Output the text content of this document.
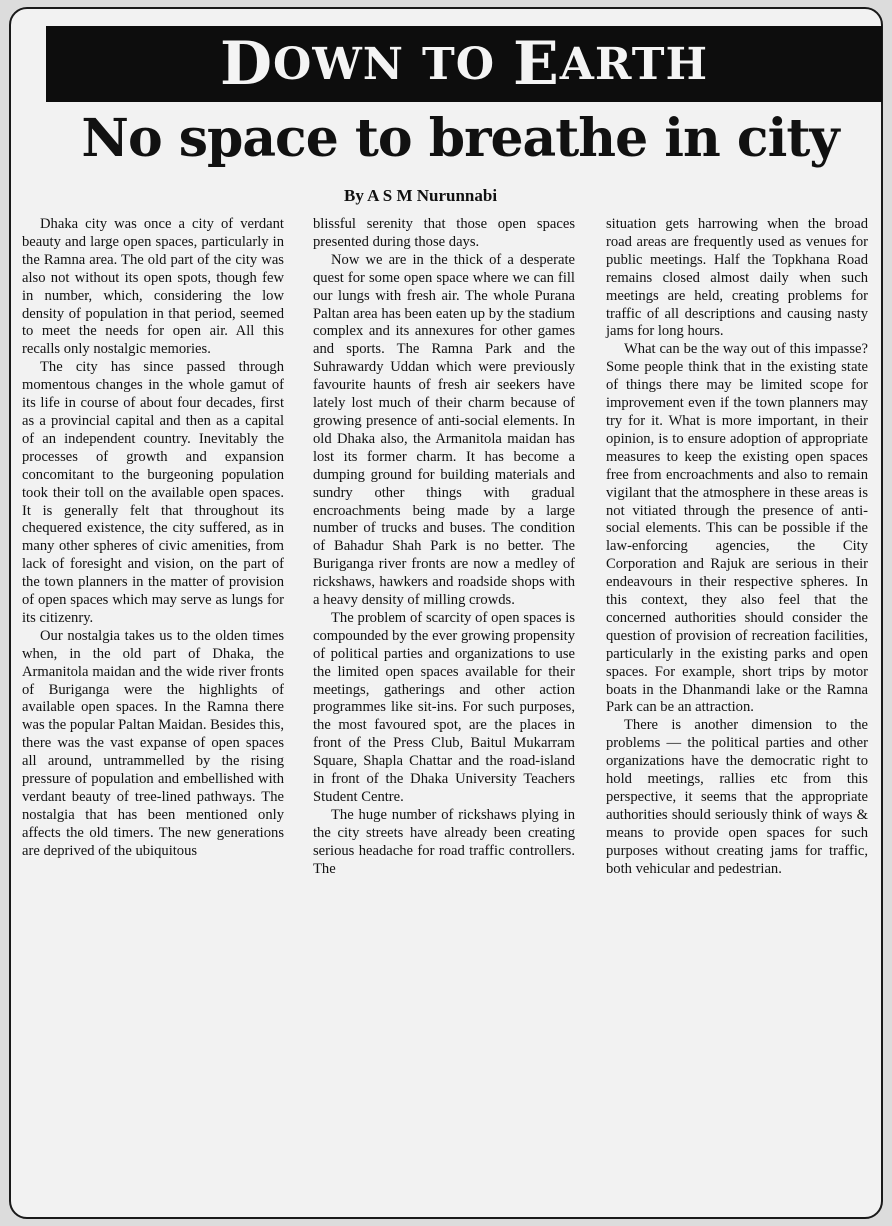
D OWN TO E ARTH
No space to breathe in city
By A S M Nurunnabi

Dhaka city was once a city of verdant beauty and large open spaces, particularly in the Ramna area. The old part of the city was also not without its open spots, though few in number, which, considering the low density of population in that period, seemed to meet the needs for open air. All this recalls only nostalgic memories.

The city has since passed through momentous changes in the whole gamut of its life in course of about four decades, first as a provincial capital and then as a capital of an independent country. Inevitably the processes of growth and expansion concomitant to the burgeoning population took their toll on the available open spaces. It is generally felt that throughout its chequered existence, the city suffered, as in many other spheres of civic amenities, from lack of foresight and vision, on the part of the town planners in the matter of provision of open spaces which may serve as lungs for its citizenry.

Our nostalgia takes us to the olden times when, in the old part of Dhaka, the Armanitola maidan and the wide river fronts of Buriganga were the highlights of available open spaces. In the Ramna there was the popular Paltan Maidan. Besides this, there was the vast expanse of open spaces all around, untrammelled by the rising pressure of population and embellished with verdant beauty of tree-lined pathways. The nostalgia that has been mentioned only affects the old timers. The new generations are deprived of the ubiquitous

blissful serenity that those open spaces presented during those days.

Now we are in the thick of a desperate quest for some open space where we can fill our lungs with fresh air. The whole Purana Paltan area has been eaten up by the stadium complex and its annexures for other games and sports. The Ramna Park and the Suhrawardy Uddan which were previously favourite haunts of fresh air seekers have lately lost much of their charm because of growing presence of anti-social elements. In old Dhaka also, the Armanitola maidan has lost its former charm. It has become a dumping ground for building materials and sundry other things with gradual encroachments being made by a large number of trucks and buses. The condition of Bahadur Shah Park is no better. The Buriganga river fronts are now a medley of rickshaws, hawkers and roadside shops with a heavy density of milling crowds.

The problem of scarcity of open spaces is compounded by the ever growing propensity of political parties and organizations to use the limited open spaces available for their meetings, gatherings and other action programmes like sit-ins. For such purposes, the most favoured spot, are the places in front of the Press Club, Baitul Mukarram Square, Shapla Chattar and the road-island in front of the Dhaka University Teachers Student Centre.

The huge number of rickshaws plying in the city streets have already been creating serious headache for road traffic controllers. The

situation gets harrowing when the broad road areas are frequently used as venues for public meetings. Half the Topkhana Road remains closed almost daily when such meetings are held, creating problems for traffic of all descriptions and causing nasty jams for long hours.

What can be the way out of this impasse? Some people think that in the existing state of things there may be limited scope for improvement even if the town planners may try for it. What is more important, in their opinion, is to ensure adoption of appropriate measures to keep the existing open spaces free from encroachments and also to remain vigilant that the atmosphere in these areas is not vitiated through the presence of anti-social elements. This can be possible if the law-enforcing agencies, the City Corporation and Rajuk are serious in their endeavours in their respective spheres. In this context, they also feel that the concerned authorities should consider the question of provision of recreation facilities, particularly in the existing parks and open spaces. For example, short trips by motor boats in the Dhanmandi lake or the Ramna Park can be an attraction.

There is another dimension to the problems — the political parties and other organizations have the democratic right to hold meetings, rallies etc from this perspective, it seems that the appropriate authorities should seriously think of ways & means to provide open spaces for such purposes without creating jams for traffic, both vehicular and pedestrian.
